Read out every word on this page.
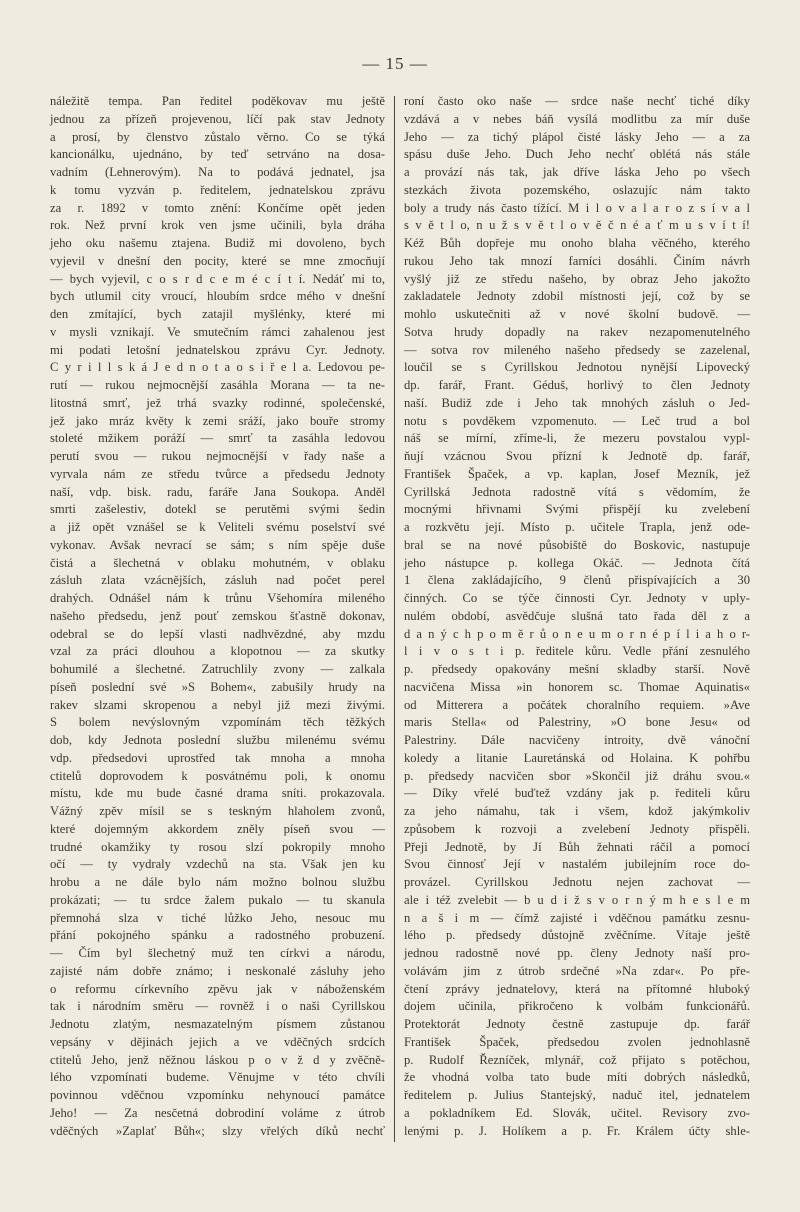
— 15 —
náležitě tempa. Pan ředitel poděkovav mu ještě
jednou za přízeň projevenou, líčí pak stav Jednoty
a prosí, by členstvo zůstalo věrno. Co se týká
kancionálku, ujednáno, by teď setrváno na dosa-
vadním (Lehnerovým). Na to podává jednatel, jsa
k tomu vyzván p. ředitelem, jednatelskou zprávu
za r. 1892 v tomto znění: Končíme opět jeden
rok. Než první krok ven jsme učinili, byla dráha
jeho oku našemu ztajena. Budiž mi dovoleno, bych
vyjevil v dnešní den pocity, které se mne zmocňují
— bych vyjevil, c o s r d c e m é c í t í. Nedáť mi to,
bych utlumil city vroucí, hloubím srdce mého v dnešní
den zmítající, bych zatajil myšlénky, které mi
v mysli vznikají. Ve smutečním rámci zahalenou jest
mi podati letošní jednatelskou zprávu Cyr. Jednoty.
C y r i l l s k á J e d n o t a o s i ř e l a. Ledovou pe-
rutí — rukou nejmocnější zasáhla Morana — ta ne-
litostná smrť, jež trhá svazky rodinné, společenské,
jež jako mráz květy k zemi sráží, jako bouře stromy
stoleté mžikem poráží — smrť ta zasáhla ledovou
perutí svou — rukou nejmocnější v řady naše a
vyrvala nám ze středu tvůrce a předsedu Jednoty
naší, vdp. bisk. radu, faráře Jana Soukopa. Anděl
smrti zašelestiv, dotekl se perutěmi svými šedin
a již opět vznášel se k Veliteli svému poselství své
vykonav. Avšak nevrací se sám; s ním spěje duše
čistá a šlechetná v oblaku mohutném, v oblaku
zásluh zlata vzácnějších, zásluh nad počet perel
drahých. Odnášel nám k trůnu Všehomíra mileného
našeho předsedu, jenž pouť zemskou šťastně dokonav,
odebral se do lepší vlasti nadhvězdné, aby mzdu
vzal za práci dlouhou a klopotnou — za skutky
bohumilé a šlechetné. Zatruchlily zvony — zalkala
píseň poslední své »S Bohem«, zabušily hrudy na
rakev slzami skropenou a nebyl již mezi živými.
S bolem nevýslovným vzpomínám těch těžkých
dob, kdy Jednota poslední službu milenému svému
vdp. předsedovi uprostřed tak mnoha a mnoha
ctitelů doprovodem k posvátnému poli, k onomu
místu, kde mu bude časné drama sníti. prokazovala.
Vážný zpěv mísil se s teskným hlaholem zvonů,
které dojemným akkordem zněly píseň svou —
trudné okamžiky ty rosou slzí pokropily mnoho
očí — ty vydraly vzdechů na sta. Však jen ku
hrobu a ne dále bylo nám možno bolnou službu
prokázati; — tu srdce žalem pukalo — tu skanula
přemnohá slza v tiché lůžko Jeho, nesouc mu
přání pokojného spánku a radostného probuzení.
— Čím byl šlechetný muž ten církvi a národu,
zajisté nám dobře známo; i neskonalé zásluhy jeho
o reformu církevního zpěvu jak v náboženském
tak i národním směru — rovněž i o naši Cyrillskou
Jednotu zlatým, nesmazatelným písmem zůstanou
vepsány v dějinách jejich a ve vděčných srdcích
ctitelů Jeho, jenž něžnou láskou p o v ž d y zvěčně-
lého vzpomínati budeme. Věnujme v této chvíli
povinnou vděčnou vzpomínku nehynoucí památce
Jeho! — Za nesčetná dobrodiní voláme z útrob
vděčných »Zaplať Bůh«; slzy vřelých díků nechť
roní často oko naše — srdce naše nechť tiché díky
vzdává a v nebes báň vysílá modlitbu za mír duše
Jeho — za tichý plápol čisté lásky Jeho — a za
spásu duše Jeho. Duch Jeho nechť oblétá nás stále
a provází nás tak, jak dříve láska Jeho po všech
stezkách života pozemského, oslazujíc nám takto
boly a trudy nás často tížící. M i l o v a l a r o z s í v a l
s v ě t l o, n u ž s v ě t l o v ě č n é a ť m u s v í t í!
Kéž Bůh dopřeje mu onoho blaha věčného, kterého
rukou Jeho tak mnozí farníci dosáhli. Činím návrh
vyšlý již ze středu našeho, by obraz Jeho jakožto
zakladatele Jednoty zdobil místnosti její, což by se
mohlo uskutečniti až v nové školní budově. —
Sotva hrudy dopadly na rakev nezapomenutelného
— sotva rov mileného našeho předsedy se zazelenal,
loučil se s Cyrillskou Jednotou nynější Lipovecký
dp. farář, Frant. Géduš, horlivý to člen Jednoty
naší. Budiž zde i Jeho tak mnohých zásluh o Jed-
notu s povděkem vzpomenuto. — Leč trud a bol
náš se mírní, zříme-li, že mezeru povstalou vypl-
ňují vzácnou Svou přízní k Jednotě dp. farář,
František Špaček, a vp. kaplan, Josef Mezník, jež
Cyrillská Jednota radostně vítá s vědomím, že
mocnými hřivnami Svými přispějí ku zvelebení
a rozkvětu její. Místo p. učitele Trapla, jenž ode-
bral se na nové působiště do Boskovic, nastupuje
jeho nástupce p. kollega Okáč. — Jednota čítá
1 člena zakládajícího, 9 členů přispívajících a 30
činných. Co se týče činnosti Cyr. Jednoty v uply-
nulém období, asvědčuje slušná tato řada děl z a
d a n ý c h p o m ě r ů o n e u m o r n é p í l i a h o r-
l i v o s t i p. ředitele kůru. Vedle přání zesnulého
p. předsedy opakovány mešní skladby starší. Nově
nacvičena Missa »in honorem sc. Thomae Aquinatis«
od Mitterera a počátek choralního requiem. »Ave
maris Stella« od Palestriny, »O bone Jesu« od
Palestriny. Dále nacvičeny introity, dvě vánoční
koledy a litanie Lauretánská od Holaina. K pohřbu
p. předsedy nacvičen sbor »Skončil již dráhu svou.«
— Díky vřelé buďtež vzdány jak p. řediteli kůru
za jeho námahu, tak i všem, kdož jakýmkoliv
způsobem k rozvoji a zvelebení Jednoty přispěli.
Přeji Jednotě, by Jí Bůh žehnati ráčil a pomocí
Svou činnosť Její v nastalém jubilejním roce do-
provázel. Cyrillskou Jednotu nejen zachovat —
ale i též zvelebit — b u d i ž s v o r n ý m h e s l e m
n a š i m — čímž zajisté i vděčnou památku zesnu-
lého p. předsedy důstojně zvěčníme. Vítaje ještě
jednou radostně nové pp. členy Jednoty naší pro-
volávám jim z útrob srdečné »Na zdar«. Po pře-
čtení zprávy jednatelovy, která na přítomné hluboký
dojem učinila, přikročeno k volbám funkcionářů.
Protektorát Jednoty čestně zastupuje dp. farář
František Špaček, předsedou zvolen jednohlasně
p. Rudolf Řezníček, mlynář, což přijato s potěchou,
že vhodná volba tato bude míti dobrých následků,
ředitelem p. Julius Stantejský, naduč itel, jednatelem
a pokladníkem Ed. Slovák, učitel. Revisory zvo-
lenými p. J. Holíkem a p. Fr. Králem účty shle-
